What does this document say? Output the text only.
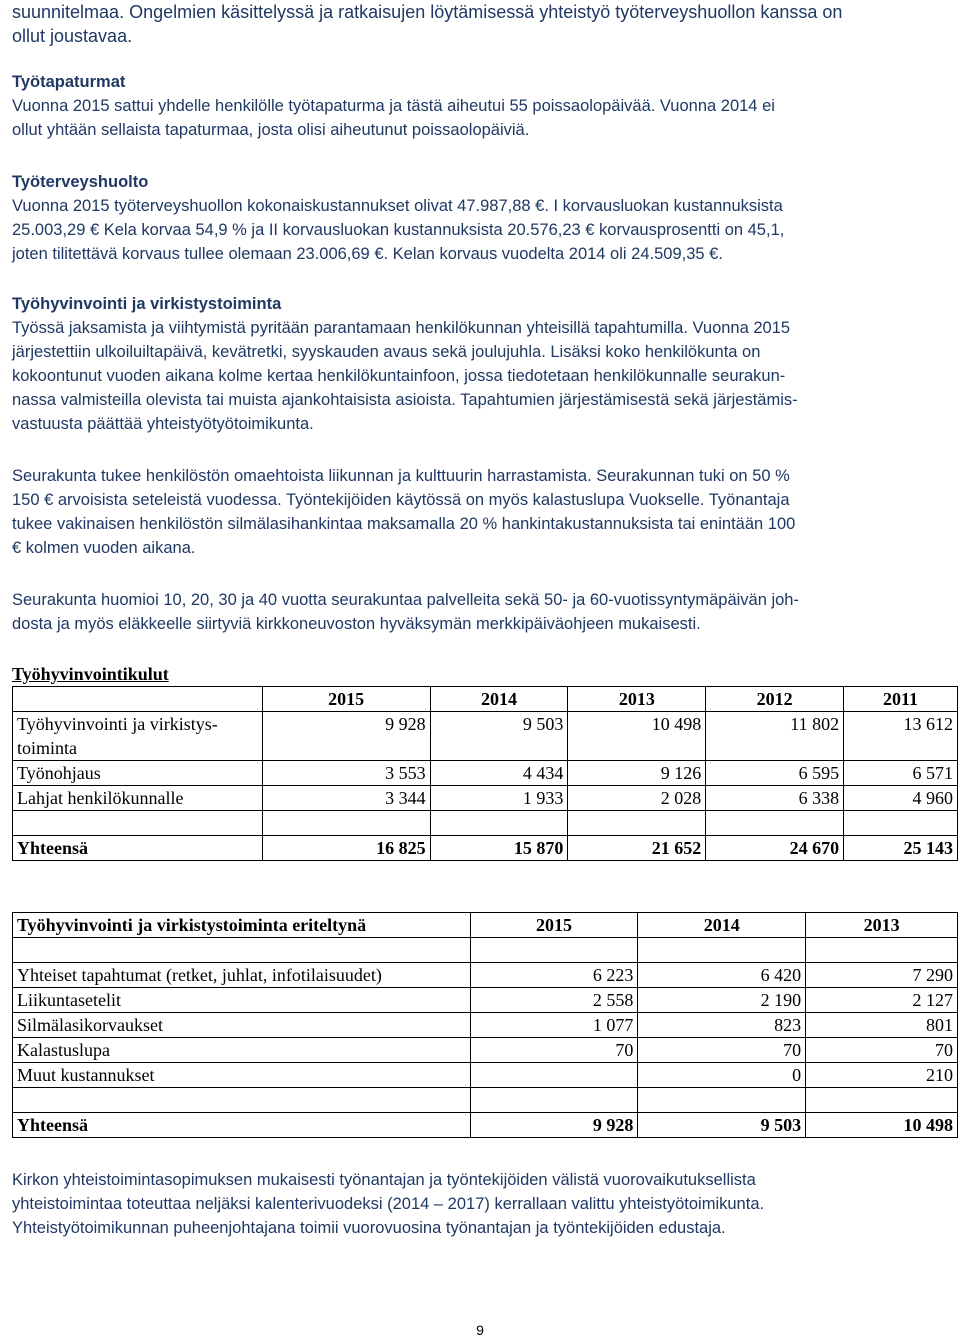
suunnitelmaa. Ongelmien käsittelyssä ja ratkaisujen löytämisessä yhteistyö työterveyshuollon kanssa on
ollut joustavaa.
Työtapaturmat
Vuonna 2015 sattui yhdelle henkilölle työtapaturma ja tästä aiheutui 55 poissaolopäivää. Vuonna 2014 ei
ollut yhtään sellaista tapaturmaa, josta olisi aiheutunut poissaolopäiviä.
Työterveyshuolto
Vuonna 2015 työterveyshuollon kokonaiskustannukset olivat 47.987,88 €. I korvausluokan kustannuksista
25.003,29 € Kela korvaa 54,9 % ja II korvausluokan kustannuksista 20.576,23 € korvausprosentti on 45,1,
joten tilitettävä korvaus tullee olemaan 23.006,69 €. Kelan korvaus vuodelta 2014 oli 24.509,35 €.
Työhyvinvointi ja virkistystoiminta
Työssä jaksamista ja viihtymistä pyritään parantamaan henkilökunnan yhteisillä tapahtumilla. Vuonna 2015
järjestettiin ulkoiluiltapäivä, kevätretki, syyskauden avaus sekä joulujuhla. Lisäksi koko henkilökunta on
kokoontunut vuoden aikana kolme kertaa henkilökuntainfoon, jossa tiedotetaan henkilökunnalle seurakun-
nassa valmisteilla olevista tai muista ajankohtaisista asioista. Tapahtumien järjestämisestä sekä järjestämis-
vastuusta päättää yhteistyötyötoimikunta.
Seurakunta tukee henkilöstön omaehtoista liikunnan ja kulttuurin harrastamista. Seurakunnan tuki on 50 %
150 € arvoisista seteleistä vuodessa. Työntekijöiden käytössä on myös kalastuslupa Vuokselle. Työnantaja
tukee vakinaisen henkilöstön silmälasihankintaa maksamalla 20 % hankintakustannuksista tai enintään 100
€ kolmen vuoden aikana.
Seurakunta huomioi 10, 20, 30 ja 40 vuotta seurakuntaa palvelleita sekä 50- ja 60-vuotissyntymäpäivän joh-
dosta ja myös eläkkeelle siirtyviä kirkkoneuvoston hyväksymän merkkipäiväohjeen mukaisesti.
Työhyvinvointikulut
	2015	2014	2013	2012	2011
Työhyvinvointi ja virkistys-
toiminta	9 928	9 503	10 498	11 802	13 612
Työnohjaus	3 553	4 434	9 126	6 595	6 571
Lahjat henkilökunnalle	3 344	1 933	2 028	6 338	4 960

Yhteensä	16 825	15 870	21 652	24 670	25 143
Työhyvinvointi ja virkistystoiminta eriteltynä	2015	2014	2013

Yhteiset tapahtumat (retket, juhlat, infotilaisuudet)	6 223	6 420	7 290
Liikuntasetelit	2 558	2 190	2 127
Silmälasikorvaukset	1 077	823	801
Kalastuslupa	70	70	70
Muut kustannukset		0	210

Yhteensä	9 928	9 503	10 498
Kirkon yhteistoimintasopimuksen mukaisesti työnantajan ja työntekijöiden välistä vuorovaikutuksellista
yhteistoimintaa toteuttaa neljäksi kalenterivuodeksi (2014 – 2017) kerrallaan valittu yhteistyötoimikunta.
Yhteistyötoimikunnan puheenjohtajana toimii vuorovuosina työnantajan ja työntekijöiden edustaja.
9
